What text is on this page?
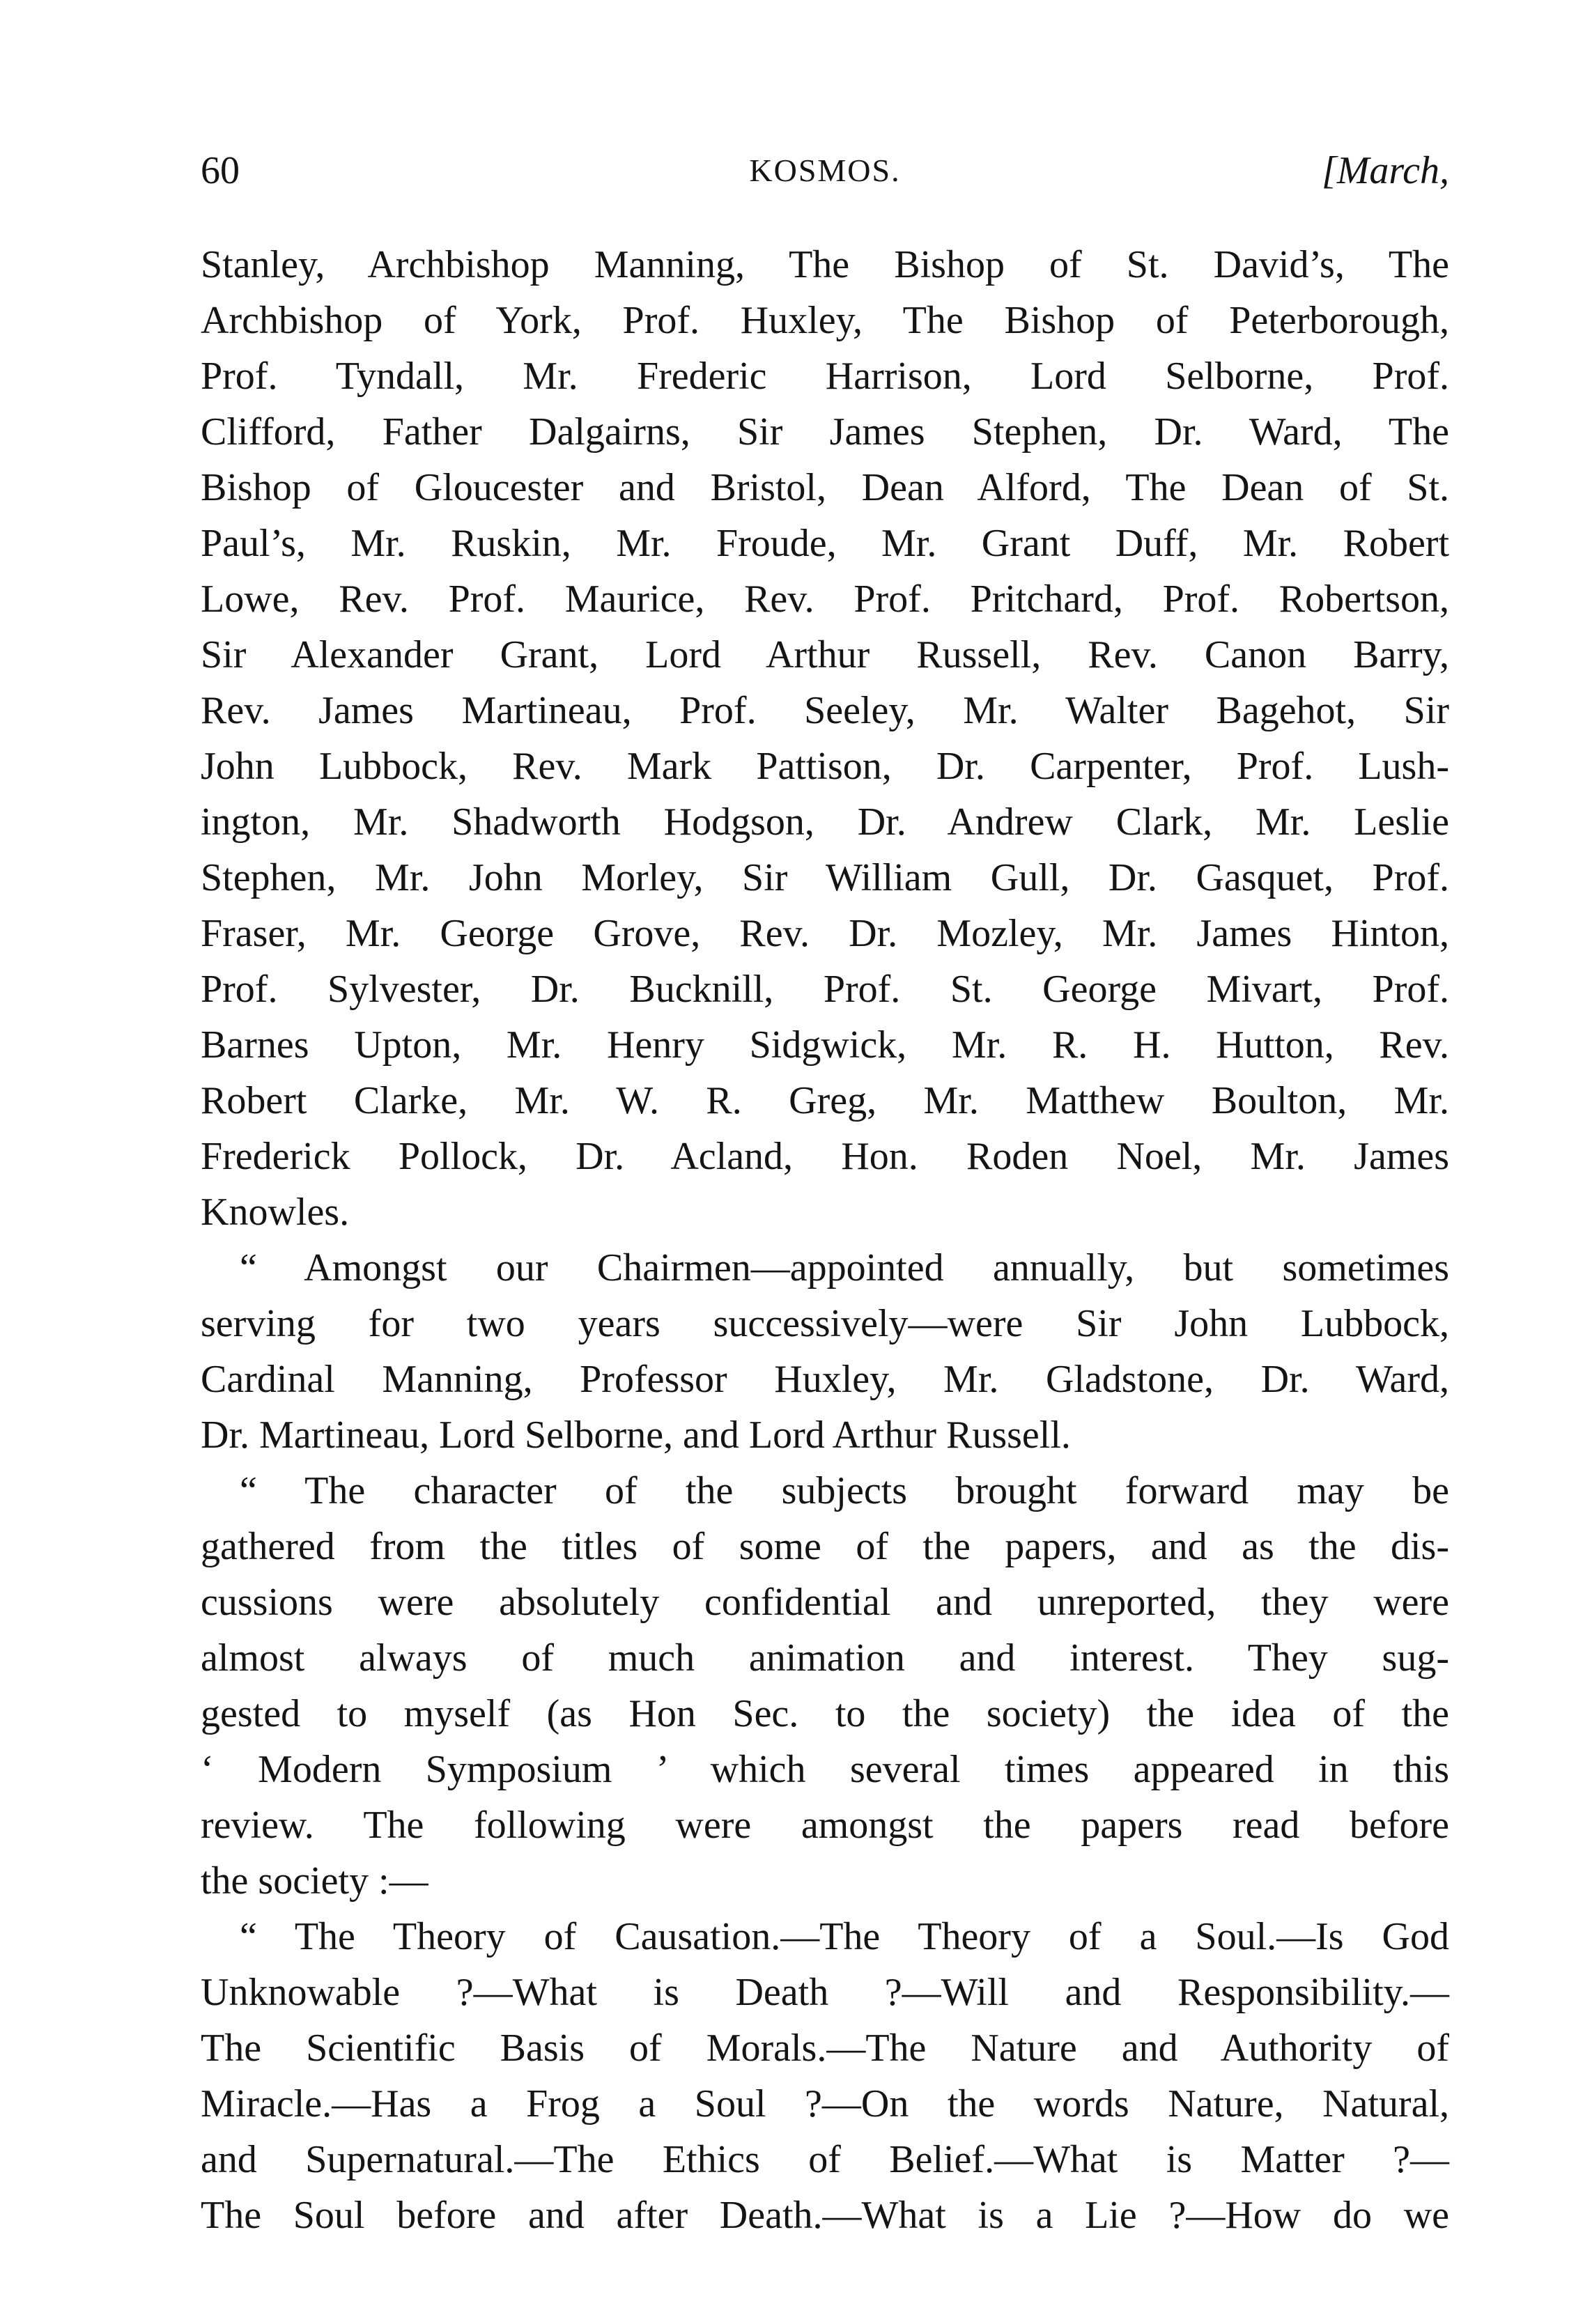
60	KOSMOS.	[March,
Stanley, Archbishop Manning, The Bishop of St. David’s, The
Archbishop of York, Prof. Huxley, The Bishop of Peterborough,
Prof. Tyndall, Mr. Frederic Harrison, Lord Selborne, Prof.
Clifford, Father Dalgairns, Sir James Stephen, Dr. Ward, The
Bishop of Gloucester and Bristol, Dean Alford, The Dean of St.
Paul’s, Mr. Ruskin, Mr. Froude, Mr. Grant Duff, Mr. Robert
Lowe, Rev. Prof. Maurice, Rev. Prof. Pritchard, Prof. Robertson,
Sir Alexander Grant, Lord Arthur Russell, Rev. Canon Barry,
Rev. James Martineau, Prof. Seeley, Mr. Walter Bagehot, Sir
John Lubbock, Rev. Mark Pattison, Dr. Carpenter, Prof. Lush-
ington, Mr. Shadworth Hodgson, Dr. Andrew Clark, Mr. Leslie
Stephen, Mr. John Morley, Sir William Gull, Dr. Gasquet, Prof.
Fraser, Mr. George Grove, Rev. Dr. Mozley, Mr. James Hinton,
Prof. Sylvester, Dr. Bucknill, Prof. St. George Mivart, Prof.
Barnes Upton, Mr. Henry Sidgwick, Mr. R. H. Hutton, Rev.
Robert Clarke, Mr. W. R. Greg, Mr. Matthew Boulton, Mr.
Frederick Pollock, Dr. Acland, Hon. Roden Noel, Mr. James
Knowles.
“ Amongst our Chairmen—appointed annually, but sometimes
serving for two years successively—were Sir John Lubbock,
Cardinal Manning, Professor Huxley, Mr. Gladstone, Dr. Ward,
Dr. Martineau, Lord Selborne, and Lord Arthur Russell.
“ The character of the subjects brought forward may be
gathered from the titles of some of the papers, and as the dis-
cussions were absolutely confidential and unreported, they were
almost always of much animation and interest. They sug-
gested to myself (as Hon Sec. to the society) the idea of the
‘ Modern Symposium ’ which several times appeared in this
review. The following were amongst the papers read before
the society :—
“ The Theory of Causation.—The Theory of a Soul.—Is God
Unknowable ?—What is Death ?—Will and Responsibility.—
The Scientific Basis of Morals.—The Nature and Authority of
Miracle.—Has a Frog a Soul ?—On the words Nature, Natural,
and Supernatural.—The Ethics of Belief.—What is Matter ?—
The Soul before and after Death.—What is a Lie ?—How do we
